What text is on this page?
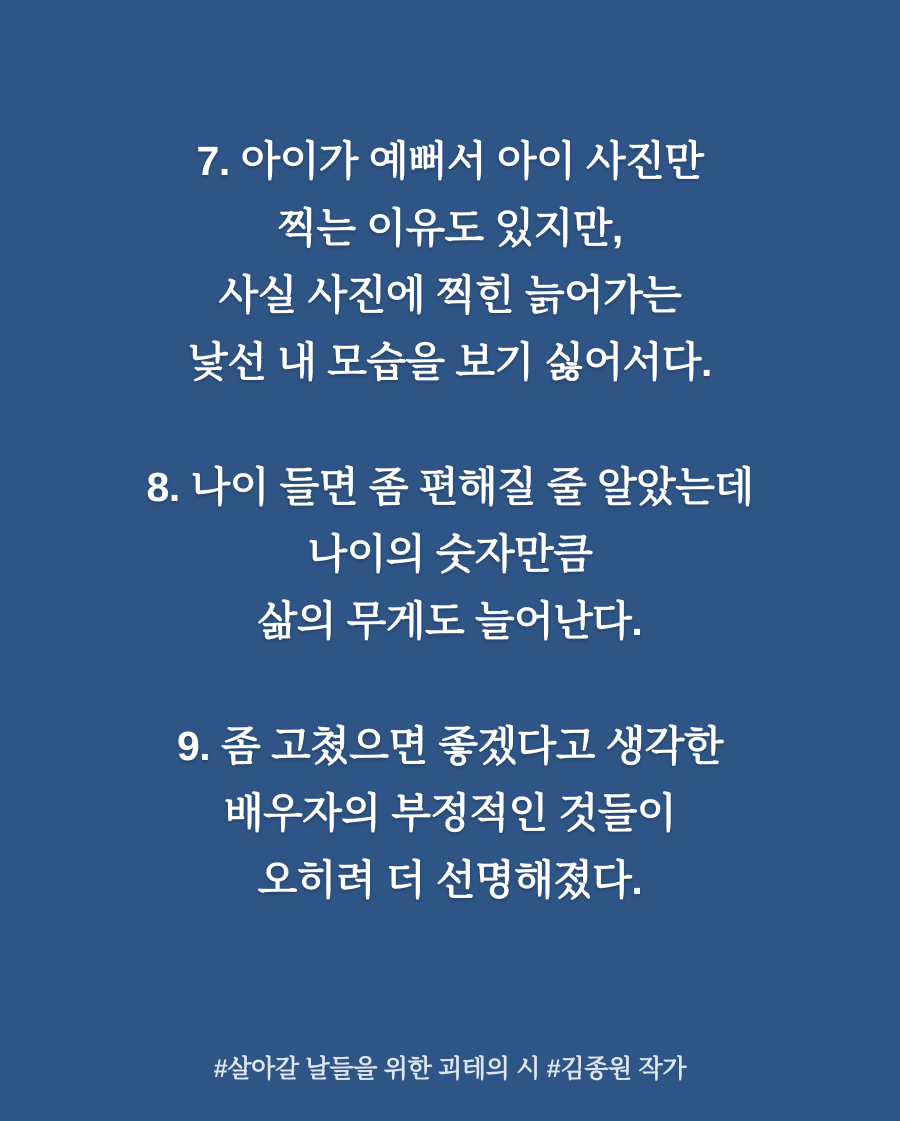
7. 아이가 예뻐서 아이 사진만
찍는 이유도 있지만,
사실 사진에 찍힌 늙어가는
낯선 내 모습을 보기 싫어서다.
8. 나이 들면 좀 편해질 줄 알았는데
나이의 숫자만큼
삶의 무게도 늘어난다.
9. 좀 고쳤으면 좋겠다고 생각한
배우자의 부정적인 것들이
오히려 더 선명해졌다.
#살아갈 날들을 위한 괴테의 시 #김종원 작가
